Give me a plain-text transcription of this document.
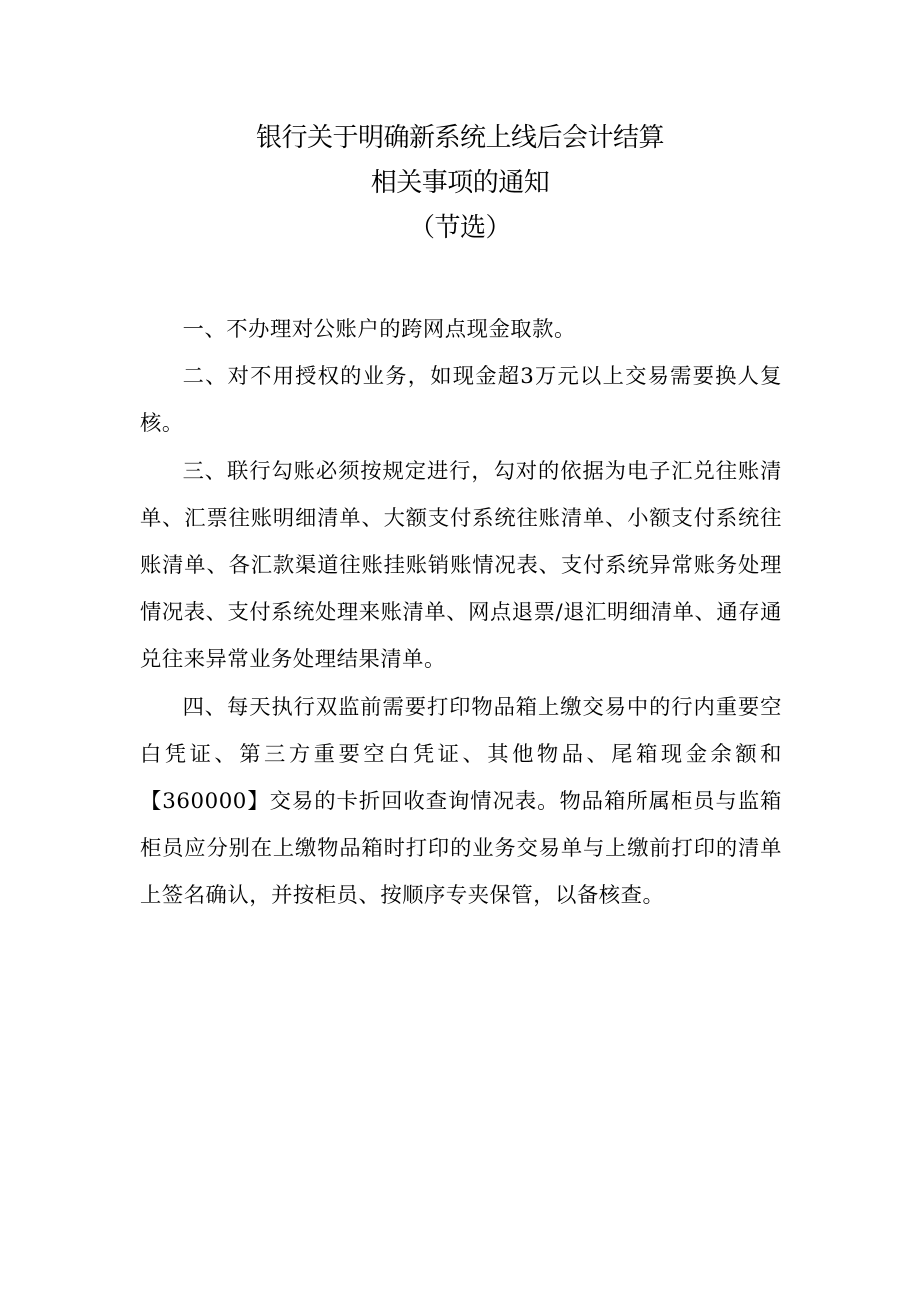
银行关于明确新系统上线后会计结算
相关事项的通知
（节选）

一、不办理对公账户的跨网点现金取款。

二、对不用授权的业务，如现金超3万元以上交易需要换人复核。

三、联行勾账必须按规定进行，勾对的依据为电子汇兑往账清单、汇票往账明细清单、大额支付系统往账清单、小额支付系统往账清单、各汇款渠道往账挂账销账情况表、支付系统异常账务处理情况表、支付系统处理来账清单、网点退票/退汇明细清单、通存通兑往来异常业务处理结果清单。

四、每天执行双监前需要打印物品箱上缴交易中的行内重要空白凭证、第三方重要空白凭证、其他物品、尾箱现金余额和【360000】交易的卡折回收查询情况表。物品箱所属柜员与监箱柜员应分别在上缴物品箱时打印的业务交易单与上缴前打印的清单上签名确认，并按柜员、按顺序专夹保管，以备核查。
